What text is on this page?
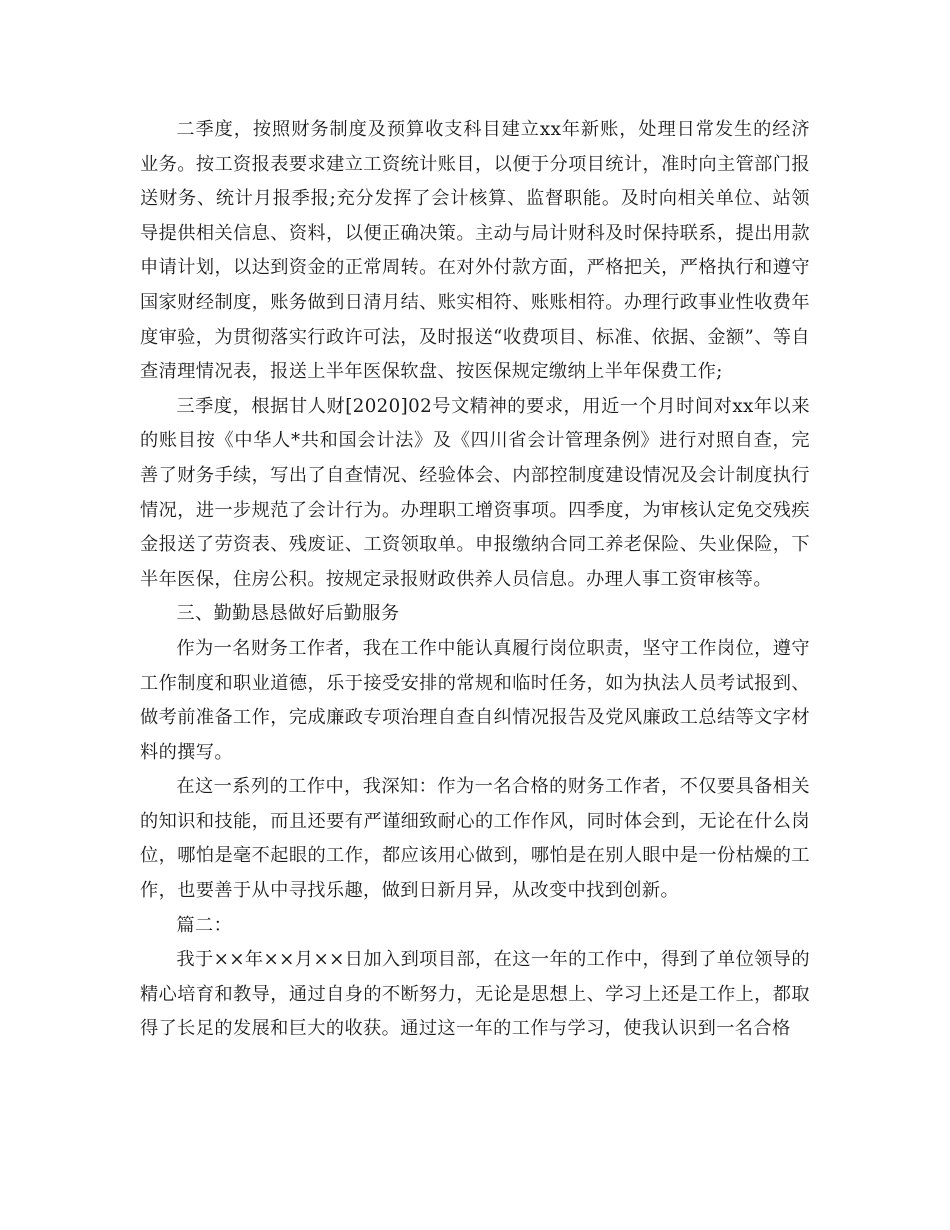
二季度，按照财务制度及预算收支科目建立xx年新账，处理日常发生的经济业务。按工资报表要求建立工资统计账目，以便于分项目统计，准时向主管部门报送财务、统计月报季报;充分发挥了会计核算、监督职能。及时向相关单位、站领导提供相关信息、资料，以便正确决策。主动与局计财科及时保持联系，提出用款申请计划，以达到资金的正常周转。在对外付款方面，严格把关，严格执行和遵守国家财经制度，账务做到日清月结、账实相符、账账相符。办理行政事业性收费年度审验，为贯彻落实行政许可法，及时报送“收费项目、标准、依据、金额”、等自查清理情况表，报送上半年医保软盘、按医保规定缴纳上半年保费工作;

三季度，根据甘人财[2020]02号文精神的要求，用近一个月时间对xx年以来的账目按《中华人*共和国会计法》及《四川省会计管理条例》进行对照自查，完善了财务手续，写出了自查情况、经验体会、内部控制度建设情况及会计制度执行情况，进一步规范了会计行为。办理职工增资事项。四季度，为审核认定免交残疾金报送了劳资表、残废证、工资领取单。申报缴纳合同工养老保险、失业保险，下半年医保，住房公积。按规定录报财政供养人员信息。办理人事工资审核等。

三、勤勤恳恳做好后勤服务

作为一名财务工作者，我在工作中能认真履行岗位职责，坚守工作岗位，遵守工作制度和职业道德，乐于接受安排的常规和临时任务，如为执法人员考试报到、做考前准备工作，完成廉政专项治理自查自纠情况报告及党风廉政工总结等文字材料的撰写。

在这一系列的工作中，我深知：作为一名合格的财务工作者，不仅要具备相关的知识和技能，而且还要有严谨细致耐心的工作作风，同时体会到，无论在什么岗位，哪怕是毫不起眼的工作，都应该用心做到，哪怕是在别人眼中是一份枯燥的工作，也要善于从中寻找乐趣，做到日新月异，从改变中找到创新。

篇二：

我于××年××月××日加入到项目部，在这一年的工作中，得到了单位领导的精心培育和教导，通过自身的不断努力，无论是思想上、学习上还是工作上，都取得了长足的发展和巨大的收获。通过这一年的工作与学习，使我认识到一名合格
